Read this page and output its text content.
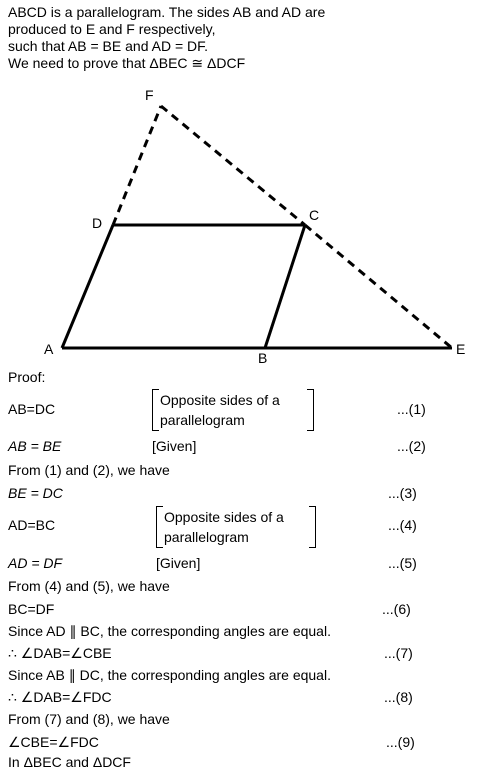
ABCD is a parallelogram. The sides AB and AD are
produced to E and F respectively,
such that AB = BE and AD = DF.
We need to prove that ΔBEC ≅ ΔDCF
F
D	C
A
B
E
Proof:
AB=DC
Opposite sides of a
parallelogram
...(1)
AB = BE	[Given]	...(2)
From (1) and (2), we have
BE = DC	...(3)
AD=BC	Opposite sides of a
parallelogram
...(4)
AD = DF	[Given]	...(5)
From (4) and (5), we have
BC=DF	...(6)
Since AD ∥ BC, the corresponding angles are equal.
∴ ∠DAB=∠CBE	...(7)
Since AB ∥ DC, the corresponding angles are equal.
∴ ∠DAB=∠FDC	...(8)
From (7) and (8), we have
∠CBE=∠FDC	...(9)
In ΔBEC and ΔDCF
